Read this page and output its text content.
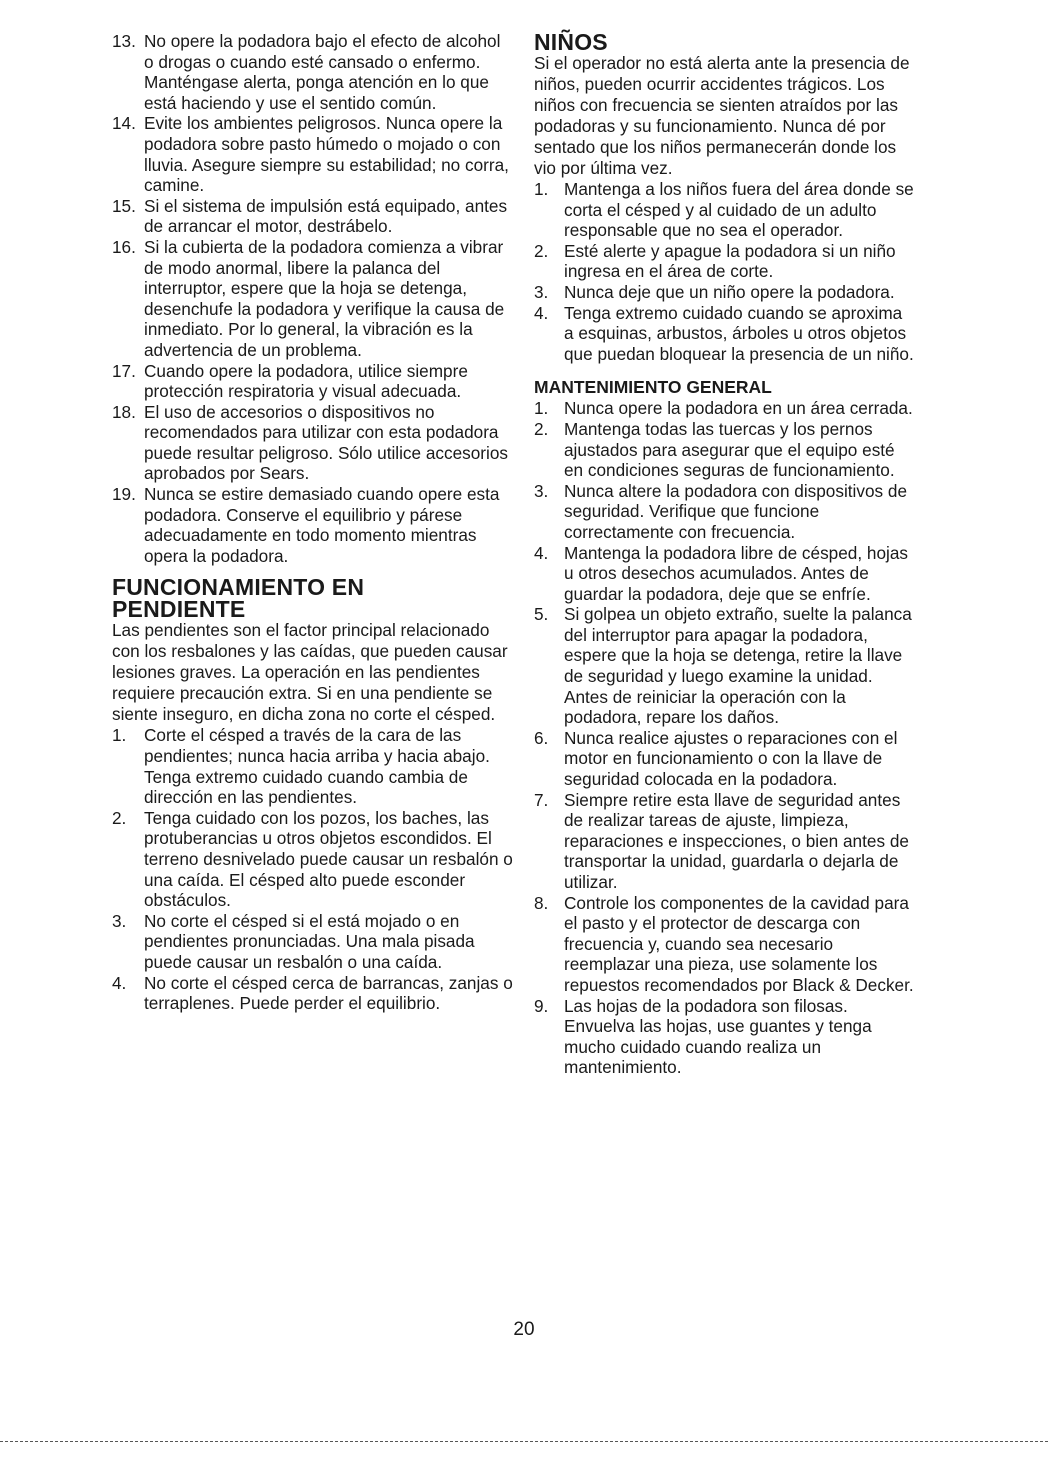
13. No opere la podadora bajo el efecto de alcohol o drogas o cuando esté cansado o enfermo. Manténgase alerta, ponga atención en lo que está haciendo y use el sentido común.
14. Evite los ambientes peligrosos. Nunca opere la podadora sobre pasto húmedo o mojado o con lluvia. Asegure siempre su estabilidad; no corra, camine.
15. Si el sistema de impulsión está equipado, antes de arrancar el motor, destrábelo.
16. Si la cubierta de la podadora comienza a vibrar de modo anormal, libere la palanca del interruptor, espere que la hoja se detenga, desenchufe la podadora y verifique la causa de inmediato. Por lo general, la vibración es la advertencia de un problema.
17. Cuando opere la podadora, utilice siempre protección respiratoria y visual adecuada.
18. El uso de accesorios o dispositivos no recomendados para utilizar con esta podadora puede resultar peligroso. Sólo utilice accesorios aprobados por Sears.
19. Nunca se estire demasiado cuando opere esta podadora. Conserve el equilibrio y párese adecuadamente en todo momento mientras opera la podadora.
FUNCIONAMIENTO EN
PENDIENTE

Las pendientes son el factor principal relacionado con los resbalones y las caídas, que pueden causar lesiones graves. La operación en las pendientes requiere precaución extra. Si en una pendiente se siente inseguro, en dicha zona no corte el césped.

1. Corte el césped a través de la cara de las pendientes; nunca hacia arriba y hacia abajo. Tenga extremo cuidado cuando cambia de dirección en las pendientes.
2. Tenga cuidado con los pozos, los baches, las protuberancias u otros objetos escondidos. El terreno desnivelado puede causar un resbalón o una caída. El césped alto puede esconder obstáculos.
3. No corte el césped si el está mojado o en pendientes pronunciadas. Una mala pisada puede causar un resbalón o una caída.
4. No corte el césped cerca de barrancas, zanjas o terraplenes. Puede perder el equilibrio.
NIÑOS

Si el operador no está alerta ante la presencia de niños, pueden ocurrir accidentes trágicos. Los niños con frecuencia se sienten atraídos por las podadoras y su funcionamiento. Nunca dé por sentado que los niños permanecerán donde los vio por última vez.

1. Mantenga a los niños fuera del área donde se corta el césped y al cuidado de un adulto responsable que no sea el operador.
2. Esté alerte y apague la podadora si un niño ingresa en el área de corte.
3. Nunca deje que un niño opere la podadora.
4. Tenga extremo cuidado cuando se aproxima a esquinas, arbustos, árboles u otros objetos que puedan bloquear la presencia de un niño.
MANTENIMIENTO GENERAL
1. Nunca opere la podadora en un área cerrada.
2. Mantenga todas las tuercas y los pernos ajustados para asegurar que el equipo esté en condiciones seguras de funcionamiento.
3. Nunca altere la podadora con dispositivos de seguridad. Verifique que funcione correctamente con frecuencia.
4. Mantenga la podadora libre de césped, hojas u otros desechos acumulados. Antes de guardar la podadora, deje que se enfríe.
5. Si golpea un objeto extraño, suelte la palanca del interruptor para apagar la podadora, espere que la hoja se detenga, retire la llave de seguridad y luego examine la unidad. Antes de reiniciar la operación con la podadora, repare los daños.
6. Nunca realice ajustes o reparaciones con el motor en funcionamiento o con la llave de seguridad colocada en la podadora.
7. Siempre retire esta llave de seguridad antes de realizar tareas de ajuste, limpieza, reparaciones e inspecciones, o bien antes de transportar la unidad, guardarla o dejarla de utilizar.
8. Controle los componentes de la cavidad para el pasto y el protector de descarga con frecuencia y, cuando sea necesario reemplazar una pieza, use solamente los repuestos recomendados por Black & Decker.
9. Las hojas de la podadora son filosas. Envuelva las hojas, use guantes y tenga mucho cuidado cuando realiza un mantenimiento.
20
